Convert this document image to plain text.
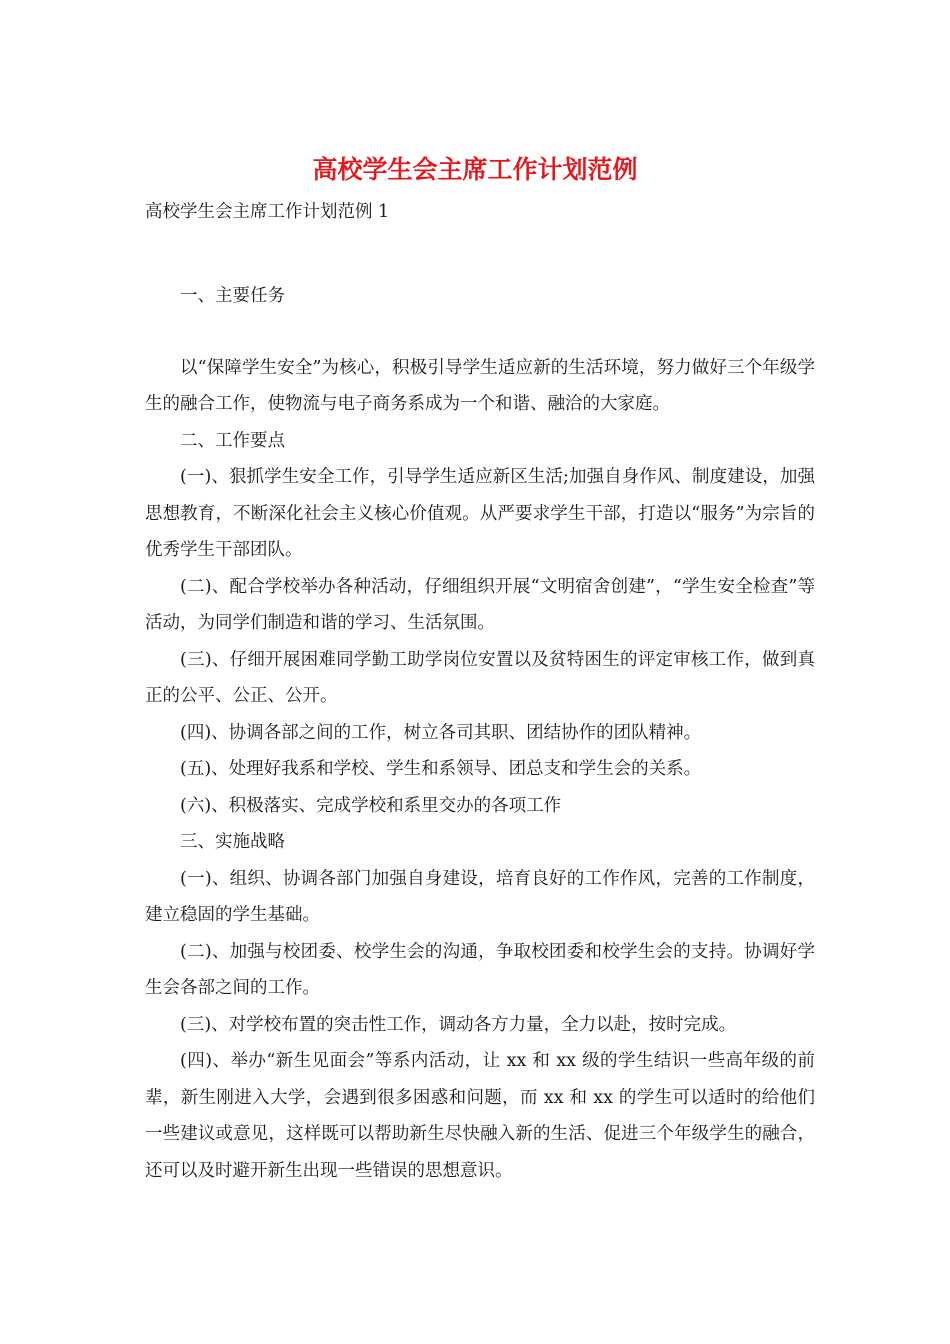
高校学生会主席工作计划范例

高校学生会主席工作计划范例 1

一、主要任务

以“保障学生安全”为核心，积极引导学生适应新的生活环境，努力做好三个年级学生的融合工作，使物流与电子商务系成为一个和谐、融洽的大家庭。

二、工作要点

(一)、狠抓学生安全工作，引导学生适应新区生活;加强自身作风、制度建设，加强思想教育，不断深化社会主义核心价值观。从严要求学生干部，打造以“服务”为宗旨的优秀学生干部团队。

(二)、配合学校举办各种活动，仔细组织开展“文明宿舍创建”，“学生安全检查”等活动，为同学们制造和谐的学习、生活氛围。

(三)、仔细开展困难同学勤工助学岗位安置以及贫特困生的评定审核工作，做到真正的公平、公正、公开。

(四)、协调各部之间的工作，树立各司其职、团结协作的团队精神。

(五)、处理好我系和学校、学生和系领导、团总支和学生会的关系。

(六)、积极落实、完成学校和系里交办的各项工作

三、实施战略

(一)、组织、协调各部门加强自身建设，培育良好的工作作风，完善的工作制度，建立稳固的学生基础。

(二)、加强与校团委、校学生会的沟通，争取校团委和校学生会的支持。协调好学生会各部之间的工作。

(三)、对学校布置的突击性工作，调动各方力量，全力以赴，按时完成。

(四)、举办“新生见面会”等系内活动，让 xx 和 xx 级的学生结识一些高年级的前辈，新生刚进入大学，会遇到很多困惑和问题，而 xx 和 xx 的学生可以适时的给他们一些建议或意见，这样既可以帮助新生尽快融入新的生活、促进三个年级学生的融合，还可以及时避开新生出现一些错误的思想意识。
